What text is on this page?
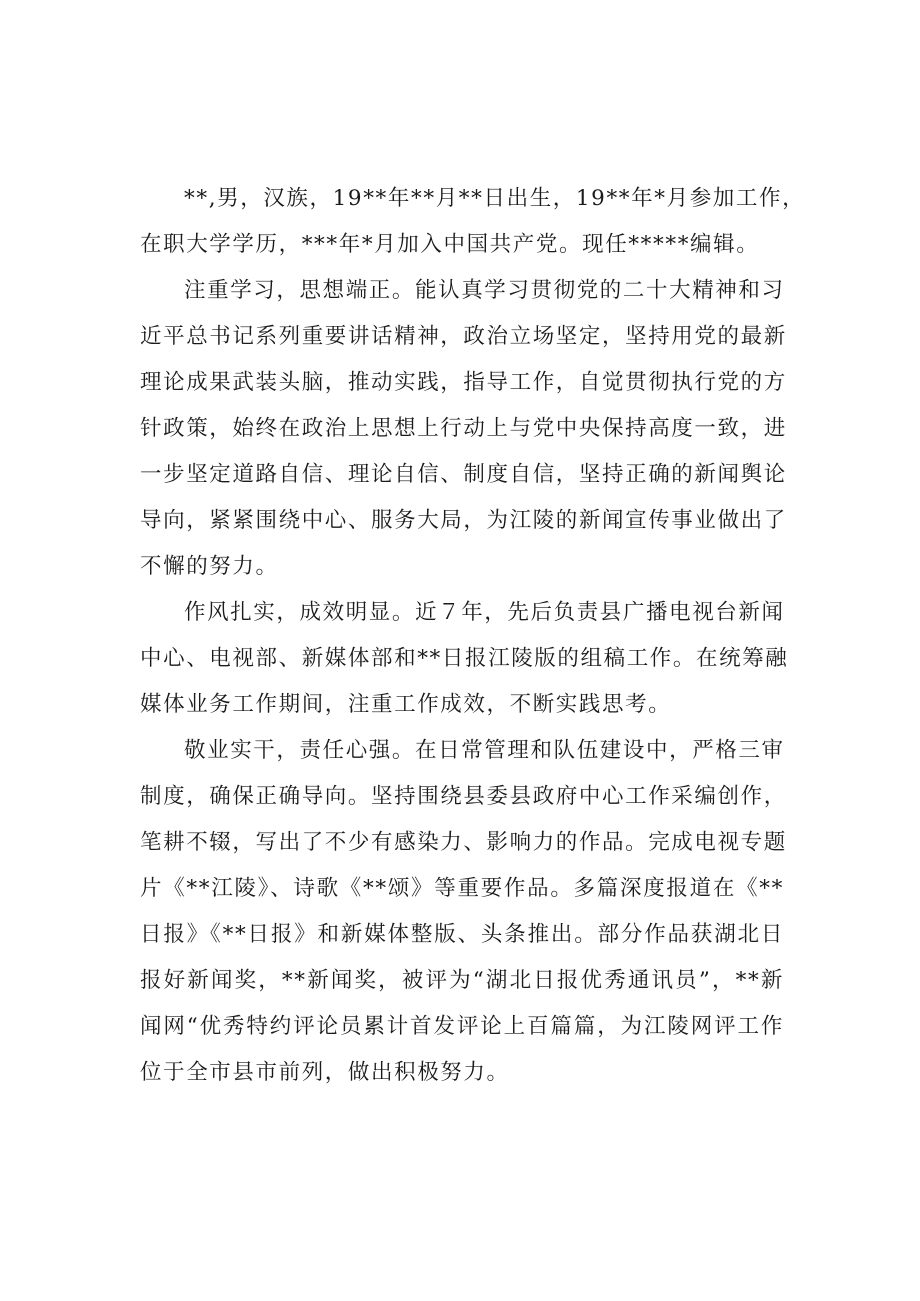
**,男，汉族，19**年**月**日出生，19**年*月参加工作，
在职大学学历，***年*月加入中国共产党。现任*****编辑。

注重学习，思想端正。能认真学习贯彻党的二十大精神和习
近平总书记系列重要讲话精神，政治立场坚定，坚持用党的最新
理论成果武装头脑，推动实践，指导工作，自觉贯彻执行党的方
针政策，始终在政治上思想上行动上与党中央保持高度一致，进
一步坚定道路自信、理论自信、制度自信，坚持正确的新闻舆论
导向，紧紧围绕中心、服务大局，为江陵的新闻宣传事业做出了
不懈的努力。

作风扎实，成效明显。近７年，先后负责县广播电视台新闻
中心、电视部、新媒体部和**日报江陵版的组稿工作。在统筹融
媒体业务工作期间，注重工作成效，不断实践思考。

敬业实干，责任心强。在日常管理和队伍建设中，严格三审
制度，确保正确导向。坚持围绕县委县政府中心工作采编创作，
笔耕不辍，写出了不少有感染力、影响力的作品。完成电视专题
片《**江陵》、诗歌《**颂》等重要作品。多篇深度报道在《**
日报》《**日报》和新媒体整版、头条推出。部分作品获湖北日
报好新闻奖，**新闻奖，被评为“湖北日报优秀通讯员”，**新
闻网“优秀特约评论员累计首发评论上百篇篇，为江陵网评工作
位于全市县市前列，做出积极努力。
